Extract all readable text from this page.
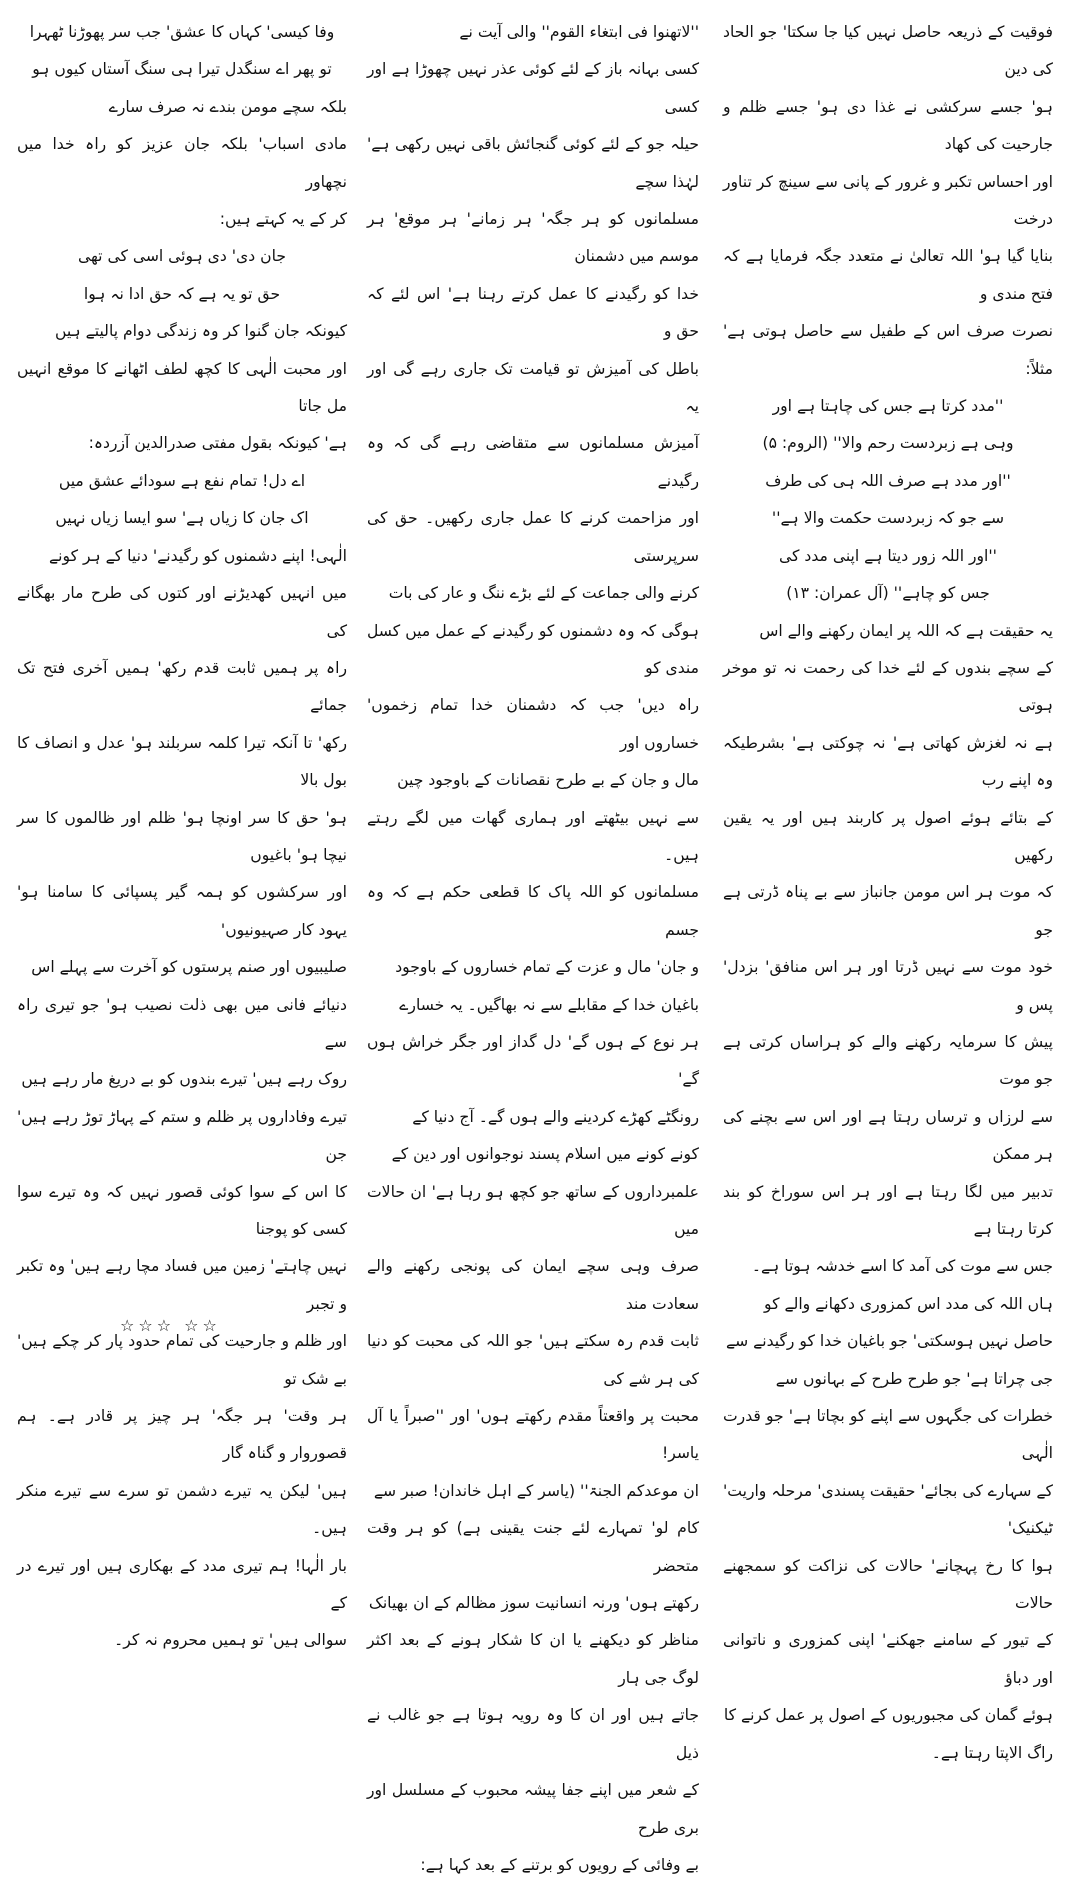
فوقیت کے ذریعہ حاصل نہیں کیا جا سکتا' جو الحاد کی دین

ہو' جسے سرکشی نے غذا دی ہو' جسے ظلم و جارحیت کی کھاد

اور احساس تکبر و غرور کے پانی سے سینچ کر تناور درخت

بنایا گیا ہو' اللہ تعالیٰ نے متعدد جگہ فرمایا ہے کہ فتح مندی و

نصرت صرف اس کے طفیل سے حاصل ہوتی ہے' مثلاً:

''مدد کرتا ہے جس کی چاہتا ہے اور

وہی ہے زبردست رحم والا'' (الروم: ۵)

''اور مدد ہے صرف اللہ ہی کی طرف

سے جو کہ زبردست حکمت والا ہے''

''اور اللہ زور دیتا ہے اپنی مدد کی

جس کو چاہے'' (آل عمران: ۱۳)

یہ حقیقت ہے کہ اللہ پر ایمان رکھنے والے اس

کے سچے بندوں کے لئے خدا کی رحمت نہ تو موخر ہوتی

ہے نہ لغزش کھاتی ہے' نہ چوکتی ہے' بشرطیکہ وہ اپنے رب

کے بتائے ہوئے اصول پر کاربند ہیں اور یہ یقین رکھیں

کہ موت ہر اس مومن جانباز سے بے پناہ ڈرتی ہے جو

خود موت سے نہیں ڈرتا اور ہر اس منافق' بزدل' پس و

پیش کا سرمایہ رکھنے والے کو ہراساں کرتی ہے جو موت

سے لرزاں و ترساں رہتا ہے اور اس سے بچنے کی ہر ممکن

تدبیر میں لگا رہتا ہے اور ہر اس سوراخ کو بند کرتا رہتا ہے

جس سے موت کی آمد کا اسے خدشہ ہوتا ہے۔

ہاں اللہ کی مدد اس کمزوری دکھانے والے کو

حاصل نہیں ہوسکتی' جو باغیان خدا کو رگیدنے سے

جی چراتا ہے' جو طرح طرح کے بہانوں سے

خطرات کی جگہوں سے اپنے کو بچاتا ہے' جو قدرت الٰہی

کے سہارے کی بجائے' حقیقت پسندی' مرحلہ واریت' ٹیکنیک'

ہوا کا رخ پہچانے' حالات کی نزاکت کو سمجھنے حالات

کے تیور کے سامنے جھکنے' اپنی کمزوری و ناتوانی اور دباؤ

ہوئے گمان کی مجبوریوں کے اصول پر عمل کرنے کا

راگ الاپتا رہتا ہے۔

''لاتھنوا فی ابتغاء القوم'' والی آیت نے

کسی بہانہ باز کے لئے کوئی عذر نہیں چھوڑا ہے اور کسی

حیلہ جو کے لئے کوئی گنجائش باقی نہیں رکھی ہے' لہٰذا سچے

مسلمانوں کو ہر جگہ' ہر زمانے' ہر موقع' ہر موسم میں دشمنان

خدا کو رگیدنے کا عمل کرتے رہنا ہے' اس لئے کہ حق و

باطل کی آمیزش تو قیامت تک جاری رہے گی اور یہ

آمیزش مسلمانوں سے متقاضی رہے گی کہ وہ رگیدنے

اور مزاحمت کرنے کا عمل جاری رکھیں۔ حق کی سرپرستی

کرنے والی جماعت کے لئے بڑے ننگ و عار کی بات

ہوگی کہ وہ دشمنوں کو رگیدنے کے عمل میں کسل مندی کو

راہ دیں' جب کہ دشمنان خدا تمام زخموں' خساروں اور

مال و جان کے بے طرح نقصانات کے باوجود چین

سے نہیں بیٹھتے اور ہماری گھات میں لگے رہتے ہیں۔

مسلمانوں کو اللہ پاک کا قطعی حکم ہے کہ وہ جسم

و جان' مال و عزت کے تمام خساروں کے باوجود

باغیان خدا کے مقابلے سے نہ بھاگیں۔ یہ خسارے

ہر نوع کے ہوں گے' دل گداز اور جگر خراش ہوں گے'

رونگٹے کھڑے کردینے والے ہوں گے۔ آج دنیا کے

کونے کونے میں اسلام پسند نوجوانوں اور دین کے

علمبرداروں کے ساتھ جو کچھ ہو رہا ہے' ان حالات میں

صرف وہی سچے ایمان کی پونجی رکھنے والے سعادت مند

ثابت قدم رہ سکتے ہیں' جو اللہ کی محبت کو دنیا کی ہر شے کی

محبت پر واقعتاً مقدم رکھتے ہوں' اور ''صبراً یا آل یاسر!

ان موعدکم الجنۃ'' (یاسر کے اہل خاندان! صبر سے

کام لو' تمہارے لئے جنت یقینی ہے) کو ہر وقت متحضر

رکھتے ہوں' ورنہ انسانیت سوز مظالم کے ان بھیانک

مناظر کو دیکھنے یا ان کا شکار ہونے کے بعد اکثر لوگ جی ہار

جاتے ہیں اور ان کا وہ رویہ ہوتا ہے جو غالب نے ذیل

کے شعر میں اپنے جفا پیشہ محبوب کے مسلسل اور بری طرح

بے وفائی کے رویوں کو برتنے کے بعد کہا ہے:

وفا کیسی' کہاں کا عشق' جب سر پھوڑنا ٹھہرا

تو پھر اے سنگدل تیرا ہی سنگ آستاں کیوں ہو

بلکہ سچے مومن بندے نہ صرف سارے

مادی اسباب' بلکہ جان عزیز کو راہ خدا میں نچھاور

کر کے یہ کہتے ہیں:

جان دی' دی ہوئی اسی کی تھی

حق تو یہ ہے کہ حق ادا نہ ہوا

کیونکہ جان گنوا کر وہ زندگی دوام پالیتے ہیں

اور محبت الٰہی کا کچھ لطف اٹھانے کا موقع انہیں مل جاتا

ہے' کیونکہ بقول مفتی صدرالدین آزردہ:

اے دل! تمام نفع ہے سودائے عشق میں

اک جان کا زیاں ہے' سو ایسا زیاں نہیں

الٰہی! اپنے دشمنوں کو رگیدنے' دنیا کے ہر کونے

میں انہیں کھدیڑنے اور کتوں کی طرح مار بھگانے کی

راہ پر ہمیں ثابت قدم رکھ' ہمیں آخری فتح تک جمائے

رکھ' تا آنکہ تیرا کلمہ سربلند ہو' عدل و انصاف کا بول بالا

ہو' حق کا سر اونچا ہو' ظلم اور ظالموں کا سر نیچا ہو' باغیوں

اور سرکشوں کو ہمہ گیر پسپائی کا سامنا ہو' یہود کار صہیونیوں'

صلیبیوں اور صنم پرستوں کو آخرت سے پہلے اس

دنیائے فانی میں بھی ذلت نصیب ہو' جو تیری راہ سے

روک رہے ہیں' تیرے بندوں کو بے دریغ مار رہے ہیں

تیرے وفاداروں پر ظلم و ستم کے پہاڑ توڑ رہے ہیں' جن

کا اس کے سوا کوئی قصور نہیں کہ وہ تیرے سوا کسی کو پوجنا

نہیں چاہتے' زمین میں فساد مچا رہے ہیں' وہ تکبر و تجبر

اور ظلم و جارحیت کی تمام حدود پار کر چکے ہیں' بے شک تو

ہر وقت' ہر جگہ' ہر چیز پر قادر ہے۔ ہم قصوروار و گناہ گار

ہیں' لیکن یہ تیرے دشمن تو سرے سے تیرے منکر ہیں۔

بار الٰہا! ہم تیری مدد کے بھکاری ہیں اور تیرے در کے

سوالی ہیں' تو ہمیں محروم نہ کر۔

☆☆☆ ☆☆
